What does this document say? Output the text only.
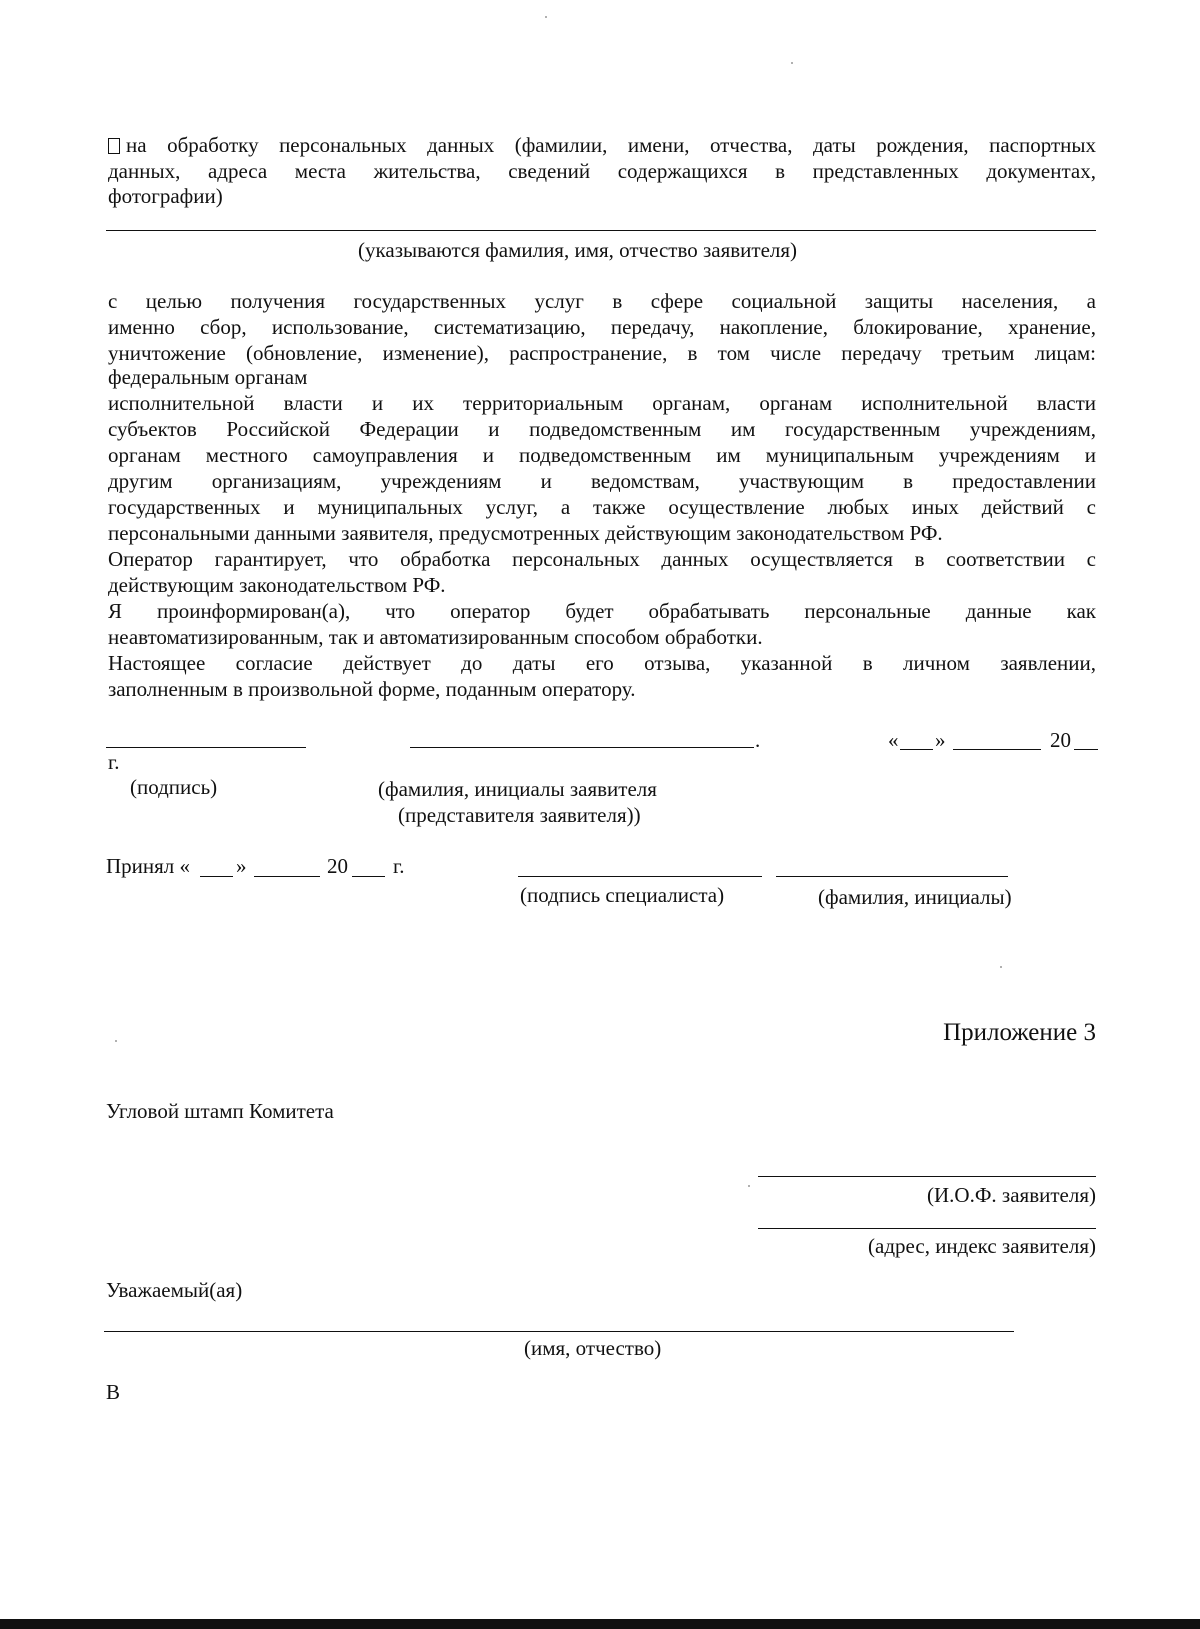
на обработку персональных данных (фамилии, имени, отчества, даты рождения, паспортных
данных, адреса места жительства, сведений содержащихся в представленных документах,
фотографии)
(указываются фамилия, имя, отчество заявителя)
с целью получения государственных услуг в сфере социальной защиты населения, а
именно сбор, использование, систематизацию, передачу, накопление, блокирование, хранение,
уничтожение (обновление, изменение), распространение, в том числе передачу третьим лицам:
федеральным органам
исполнительной власти и их территориальным органам, органам исполнительной власти
субъектов Российской Федерации и подведомственным им государственным учреждениям,
органам местного самоуправления и подведомственным им муниципальным учреждениям и
другим организациям, учреждениям и ведомствам, участвующим в предоставлении
государственных и муниципальных услуг, а также осуществление любых иных действий с
персональными данными заявителя, предусмотренных действующим законодательством РФ.
Оператор гарантирует, что обработка персональных данных осуществляется в соответствии с
действующим законодательством РФ.
Я проинформирован(а), что оператор будет обрабатывать персональные данные как
неавтоматизированным, так и автоматизированным способом обработки.
Настоящее согласие действует до даты его отзыва, указанной в личном заявлении,
заполненным в произвольной форме, поданным оператору.
.	« »	20
г.
(подпись)	(фамилия, инициалы заявителя
(представителя заявителя))
Принял « »	20 г.
(подпись специалиста)	(фамилия, инициалы)
Приложение 3
Угловой штамп Комитета
(И.О.Ф. заявителя)
(адрес, индекс заявителя)
Уважаемый(ая)
(имя, отчество)
В
